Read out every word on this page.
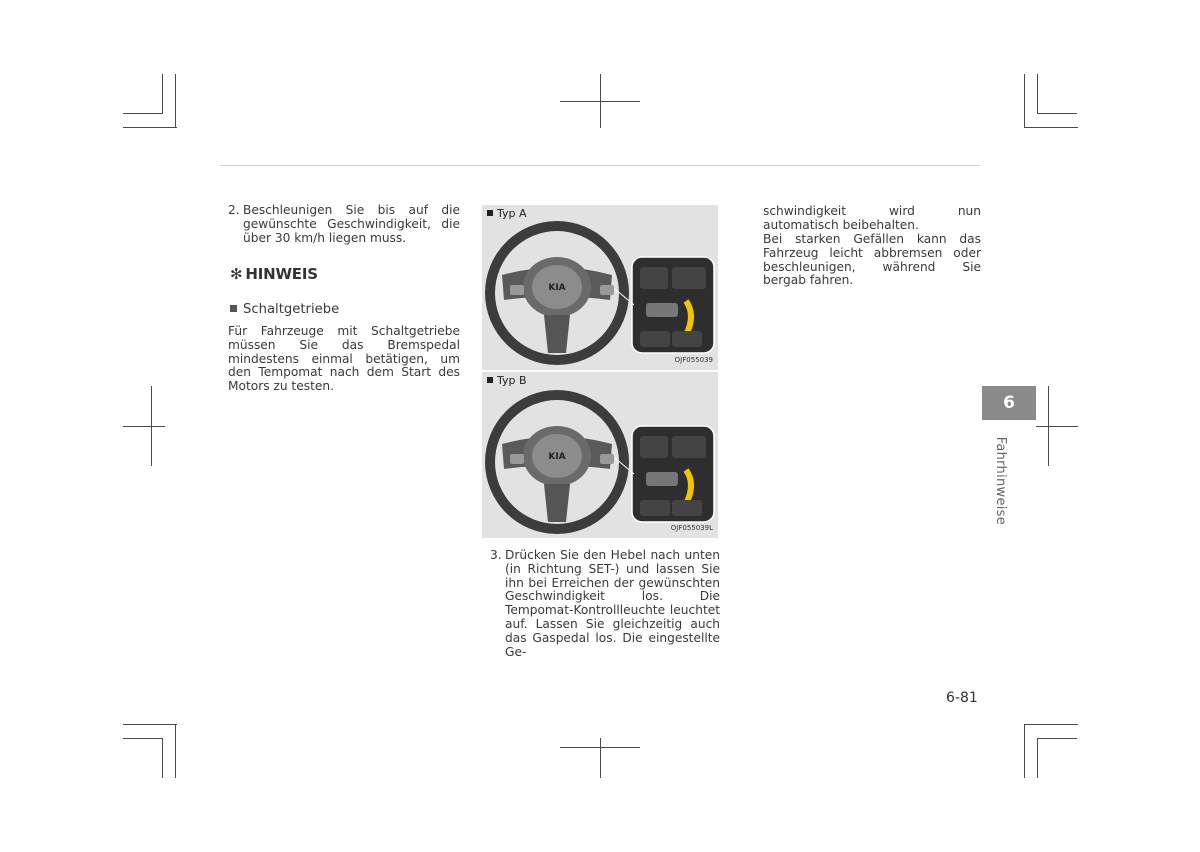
2. Beschleunigen Sie bis auf die gewünschte Geschwindigkeit, die über 30 km/h liegen muss.
✻ HINWEIS
Schaltgetriebe

Für Fahrzeuge mit Schaltgetriebe müssen Sie das Bremspedal mindestens einmal betätigen, um den Tempomat nach dem Start des Motors zu testen.

Typ A
KIA
OJF055039
Typ B
KIA
OJF055039L
3. Drücken Sie den Hebel nach unten (in Richtung SET-) und lassen Sie ihn bei Erreichen der gewünschten Geschwindigkeit los. Die Tempomat-Kontrollleuchte leuchtet auf. Lassen Sie gleichzeitig auch das Gaspedal los. Die eingestellte Ge-

schwindigkeit wird nun automatisch beibehalten.

Bei starken Gefällen kann das Fahrzeug leicht abbremsen oder beschleunigen, während Sie bergab fahren.

6
Fahrhinweise
6-81
